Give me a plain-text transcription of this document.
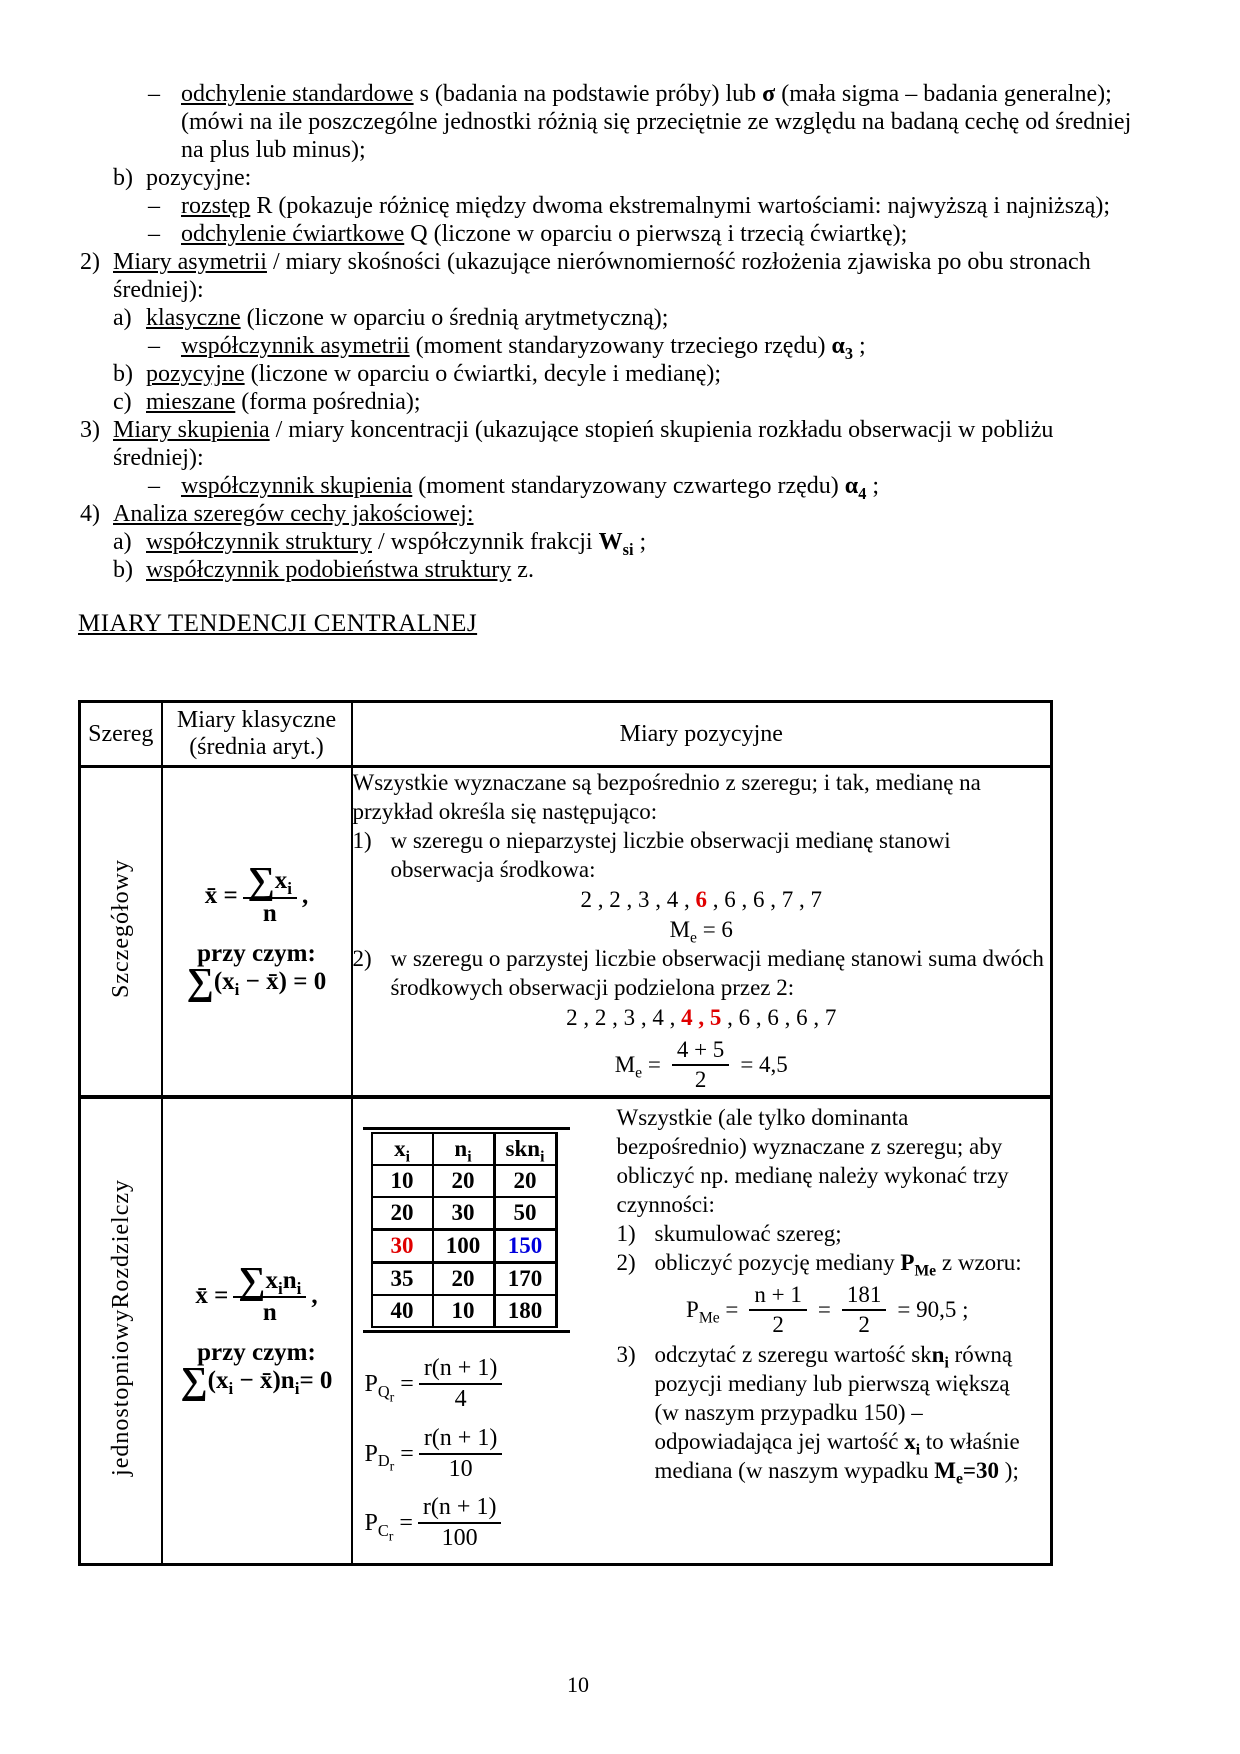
– odchylenie standardowe s (badania na podstawie próby) lub σ (mała sigma – badania generalne); (mówi na ile poszczególne jednostki różnią się przeciętnie ze względu na badaną cechę od średniej na plus lub minus);
b) pozycyjne:
– rozstęp R (pokazuje różnicę między dwoma ekstremalnymi wartościami: najwyższą i najniższą);
– odchylenie ćwiartkowe Q (liczone w oparciu o pierwszą i trzecią ćwiartkę);
2) Miary asymetrii / miary skośności (ukazujące nierównomierność rozłożenia zjawiska po obu stronach średniej):
a) klasyczne (liczone w oparciu o średnią arytmetyczną);
– współczynnik asymetrii (moment standaryzowany trzeciego rzędu) $\alpha_3$ ;
b) pozycyjne (liczone w oparciu o ćwiartki, decyle i medianę);
c) mieszane (forma pośrednia);
3) Miary skupienia / miary koncentracji (ukazujące stopień skupienia rozkładu obserwacji w pobliżu średniej):
– współczynnik skupienia (moment standaryzowany czwartego rzędu) $\alpha_4$ ;
4) Analiza szeregów cechy jakościowej:
a) współczynnik struktury / współczynnik frakcji $W_{si}$ ;
b) współczynnik podobieństwa struktury z.
MIARY TENDENCJI CENTRALNEJ
Szereg	Miary klasyczne (średnia aryt.)	Miary pozycyjne
Szczegółowy	x̄ = $\frac{\sum x_i}{n}$ ,
przy czym:
$\sum(x_i$ − x̄) = 0

Wszystkie wyznaczane są bezpośrednio z szeregu; i tak, medianę na przykład określa się następująco:
1) w szeregu o nieparzystej liczbie obserwacji medianę stanowi obserwacja środkowa:
2 , 2 , 3 , 4 , 6 , 6 , 6 , 7 , 7
$M_e = 6$
2) w szeregu o parzystej liczbie obserwacji medianę stanowi suma dwóch środkowych obserwacji podzielona przez 2:
2 , 2 , 3 , 4 , 4 , 5 , 6 , 6 , 6 , 7
$M_e = \frac{4 + 5}{2} = 4,5$

jednostopniowyRozdzielczy	x̄ = $\frac{\sum x_in_i}{n}$ ,
przy czym:
$\sum(x_i$ − $x̄)n_i= 0$

$x_i$	$n_i$	skn$_i$
10	20	20
20	30	50
30	100	150
35	20	170
40	10	180
$P_{Q_r} = \frac{r(n + 1)}{4}$
$P_{D_r} = \frac{r(n + 1)}{10}$
$P_{C_r} = \frac{r(n + 1)}{100}$
Wszystkie (ale tylko dominanta bezpośrednio) wyznaczane z szeregu; aby obliczyć np. medianę należy wykonać trzy czynności:
1) skumulować szereg;
2) obliczyć pozycję mediany $P_{Me}$ z wzoru:
$P_{Me} = \frac{n + 1}{2} = \frac{181}{2} = 90,5$ ;
3) odczytać z szeregu wartość skn$_i$ równą pozycji mediany lub pierwszą większą (w naszym przypadku 150) – odpowiadająca jej wartość $x_i$ to właśnie mediana (w naszym wypadku $M_e=30$ );
10
